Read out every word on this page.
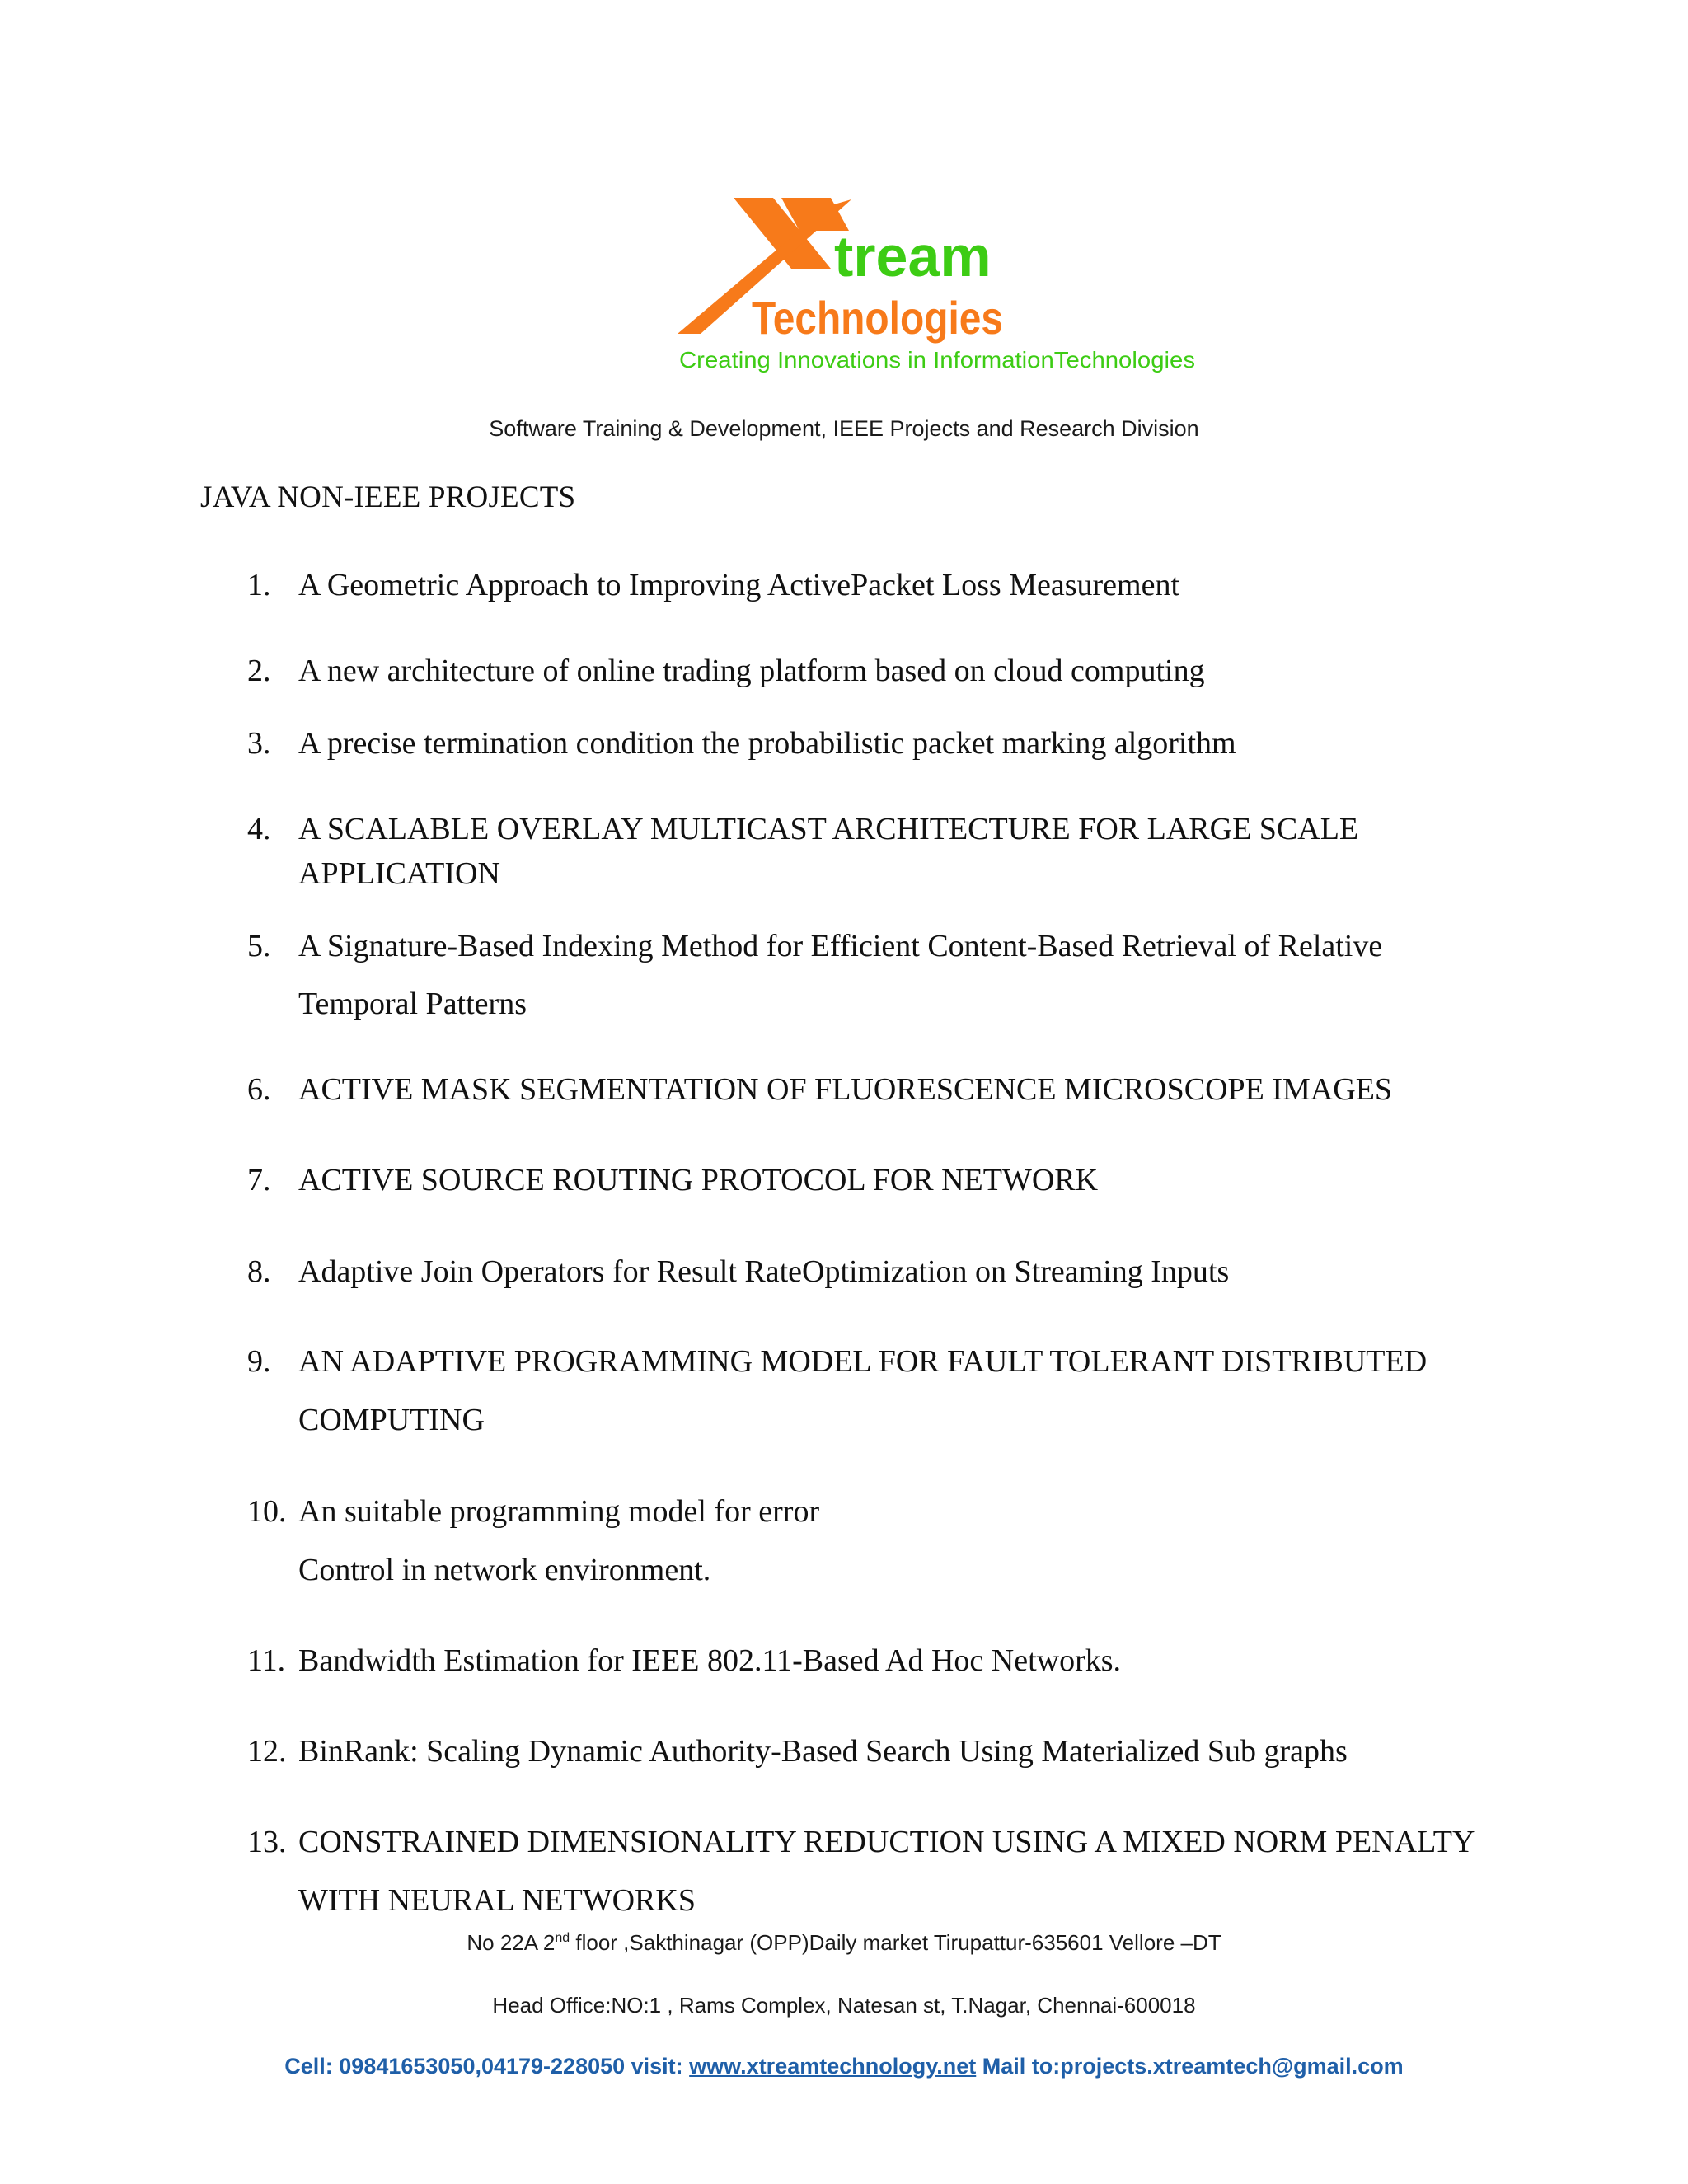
tream
Technologies
Creating Innovations in InformationTechnologies
Software Training & Development, IEEE Projects and Research Division
JAVA NON-IEEE PROJECTS
1. A Geometric Approach to Improving ActivePacket Loss Measurement
2. A new architecture of online trading platform based on cloud computing
3. A precise termination condition the probabilistic packet marking algorithm
4. A SCALABLE OVERLAY MULTICAST ARCHITECTURE FOR LARGE SCALE
APPLICATION
5. A Signature-Based Indexing Method for Efficient Content-Based Retrieval of Relative
Temporal Patterns
6. ACTIVE MASK SEGMENTATION OF FLUORESCENCE MICROSCOPE IMAGES
7. ACTIVE SOURCE ROUTING PROTOCOL FOR NETWORK
8. Adaptive Join Operators for Result RateOptimization on Streaming Inputs
9. AN ADAPTIVE PROGRAMMING MODEL FOR FAULT TOLERANT DISTRIBUTED
COMPUTING
10. An suitable programming model for error
Control in network environment.
11. Bandwidth Estimation for IEEE 802.11-Based Ad Hoc Networks.
12. BinRank: Scaling Dynamic Authority-Based Search Using Materialized Sub graphs
13. CONSTRAINED DIMENSIONALITY REDUCTION USING A MIXED NORM PENALTY
WITH NEURAL NETWORKS
No 22A 2nd floor ,Sakthinagar (OPP)Daily market Tirupattur-635601 Vellore –DT
Head Office:NO:1 , Rams Complex, Natesan st, T.Nagar, Chennai-600018
Cell: 09841653050,04179-228050 visit: www.xtreamtechnology.net Mail to:projects.xtreamtech@gmail.com
